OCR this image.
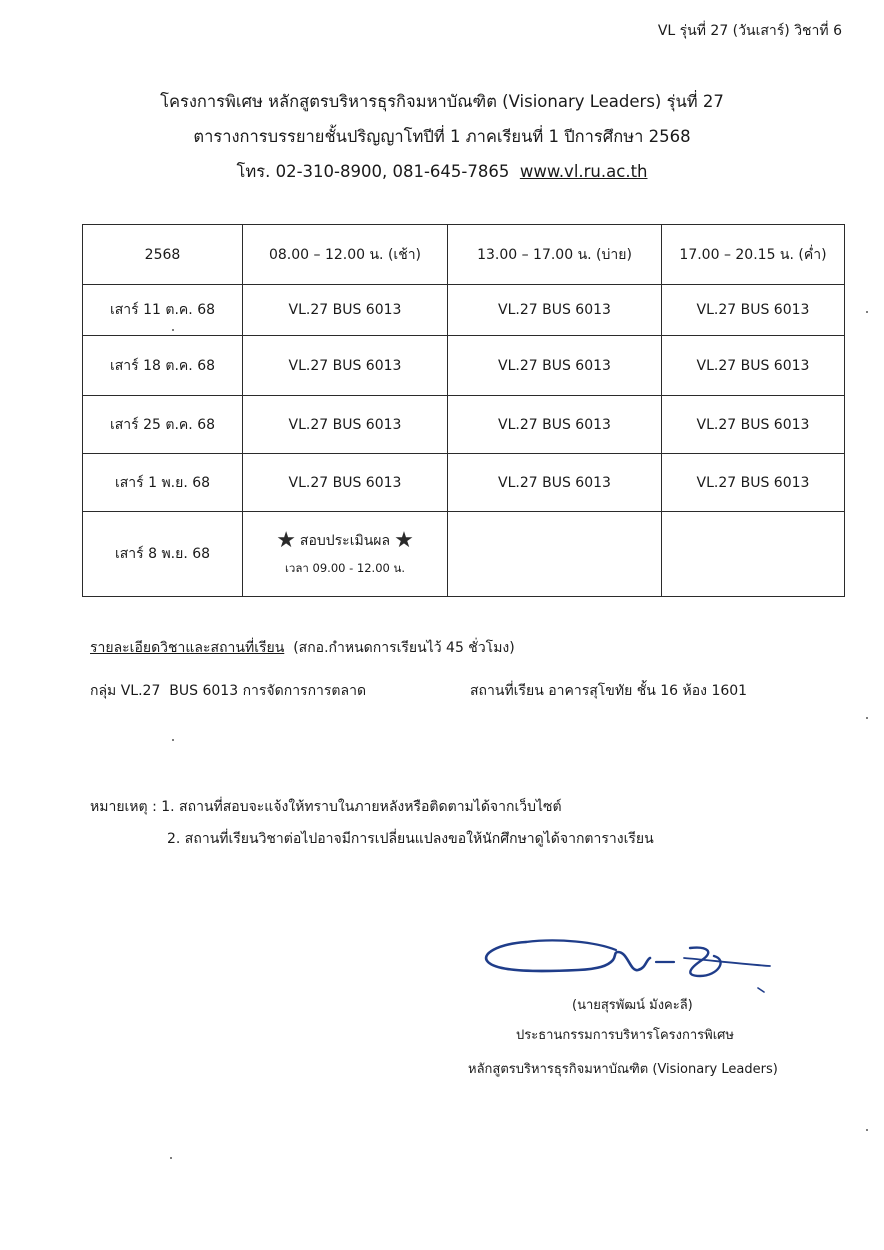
VL รุ่นที่ 27 (วันเสาร์) วิชาที่ 6
โครงการพิเศษ หลักสูตรบริหารธุรกิจมหาบัณฑิต (Visionary Leaders) รุ่นที่ 27
ตารางการบรรยายชั้นปริญญาโทปีที่ 1 ภาคเรียนที่ 1 ปีการศึกษา 2568
โทร. 02-310-8900, 081-645-7865 www.vl.ru.ac.th
2568	08.00 – 12.00 น. (เช้า)	13.00 – 17.00 น. (บ่าย)	17.00 – 20.15 น. (ค่ำ)
เสาร์ 11 ต.ค. 68	VL.27 BUS 6013	VL.27 BUS 6013	VL.27 BUS 6013
เสาร์ 18 ต.ค. 68	VL.27 BUS 6013	VL.27 BUS 6013	VL.27 BUS 6013
เสาร์ 25 ต.ค. 68	VL.27 BUS 6013	VL.27 BUS 6013	VL.27 BUS 6013
เสาร์ 1 พ.ย. 68	VL.27 BUS 6013	VL.27 BUS 6013	VL.27 BUS 6013
เสาร์ 8 พ.ย. 68	★ สอบประเมินผล ★
เวลา 09.00 - 12.00 น.		

รายละเอียดวิชาและสถานที่เรียน (สกอ.กำหนดการเรียนไว้ 45 ชั่วโมง)
กลุ่ม VL.27 BUS 6013 การจัดการการตลาด	สถานที่เรียน อาคารสุโขทัย ชั้น 16 ห้อง 1601
หมายเหตุ : 1. สถานที่สอบจะแจ้งให้ทราบในภายหลังหรือติดตามได้จากเว็บไซต์
2. สถานที่เรียนวิชาต่อไปอาจมีการเปลี่ยนแปลงขอให้นักศึกษาดูได้จากตารางเรียน
(นายสุรพัฒน์ มังคะลี)
ประธานกรรมการบริหารโครงการพิเศษ
หลักสูตรบริหารธุรกิจมหาบัณฑิต (Visionary Leaders)
